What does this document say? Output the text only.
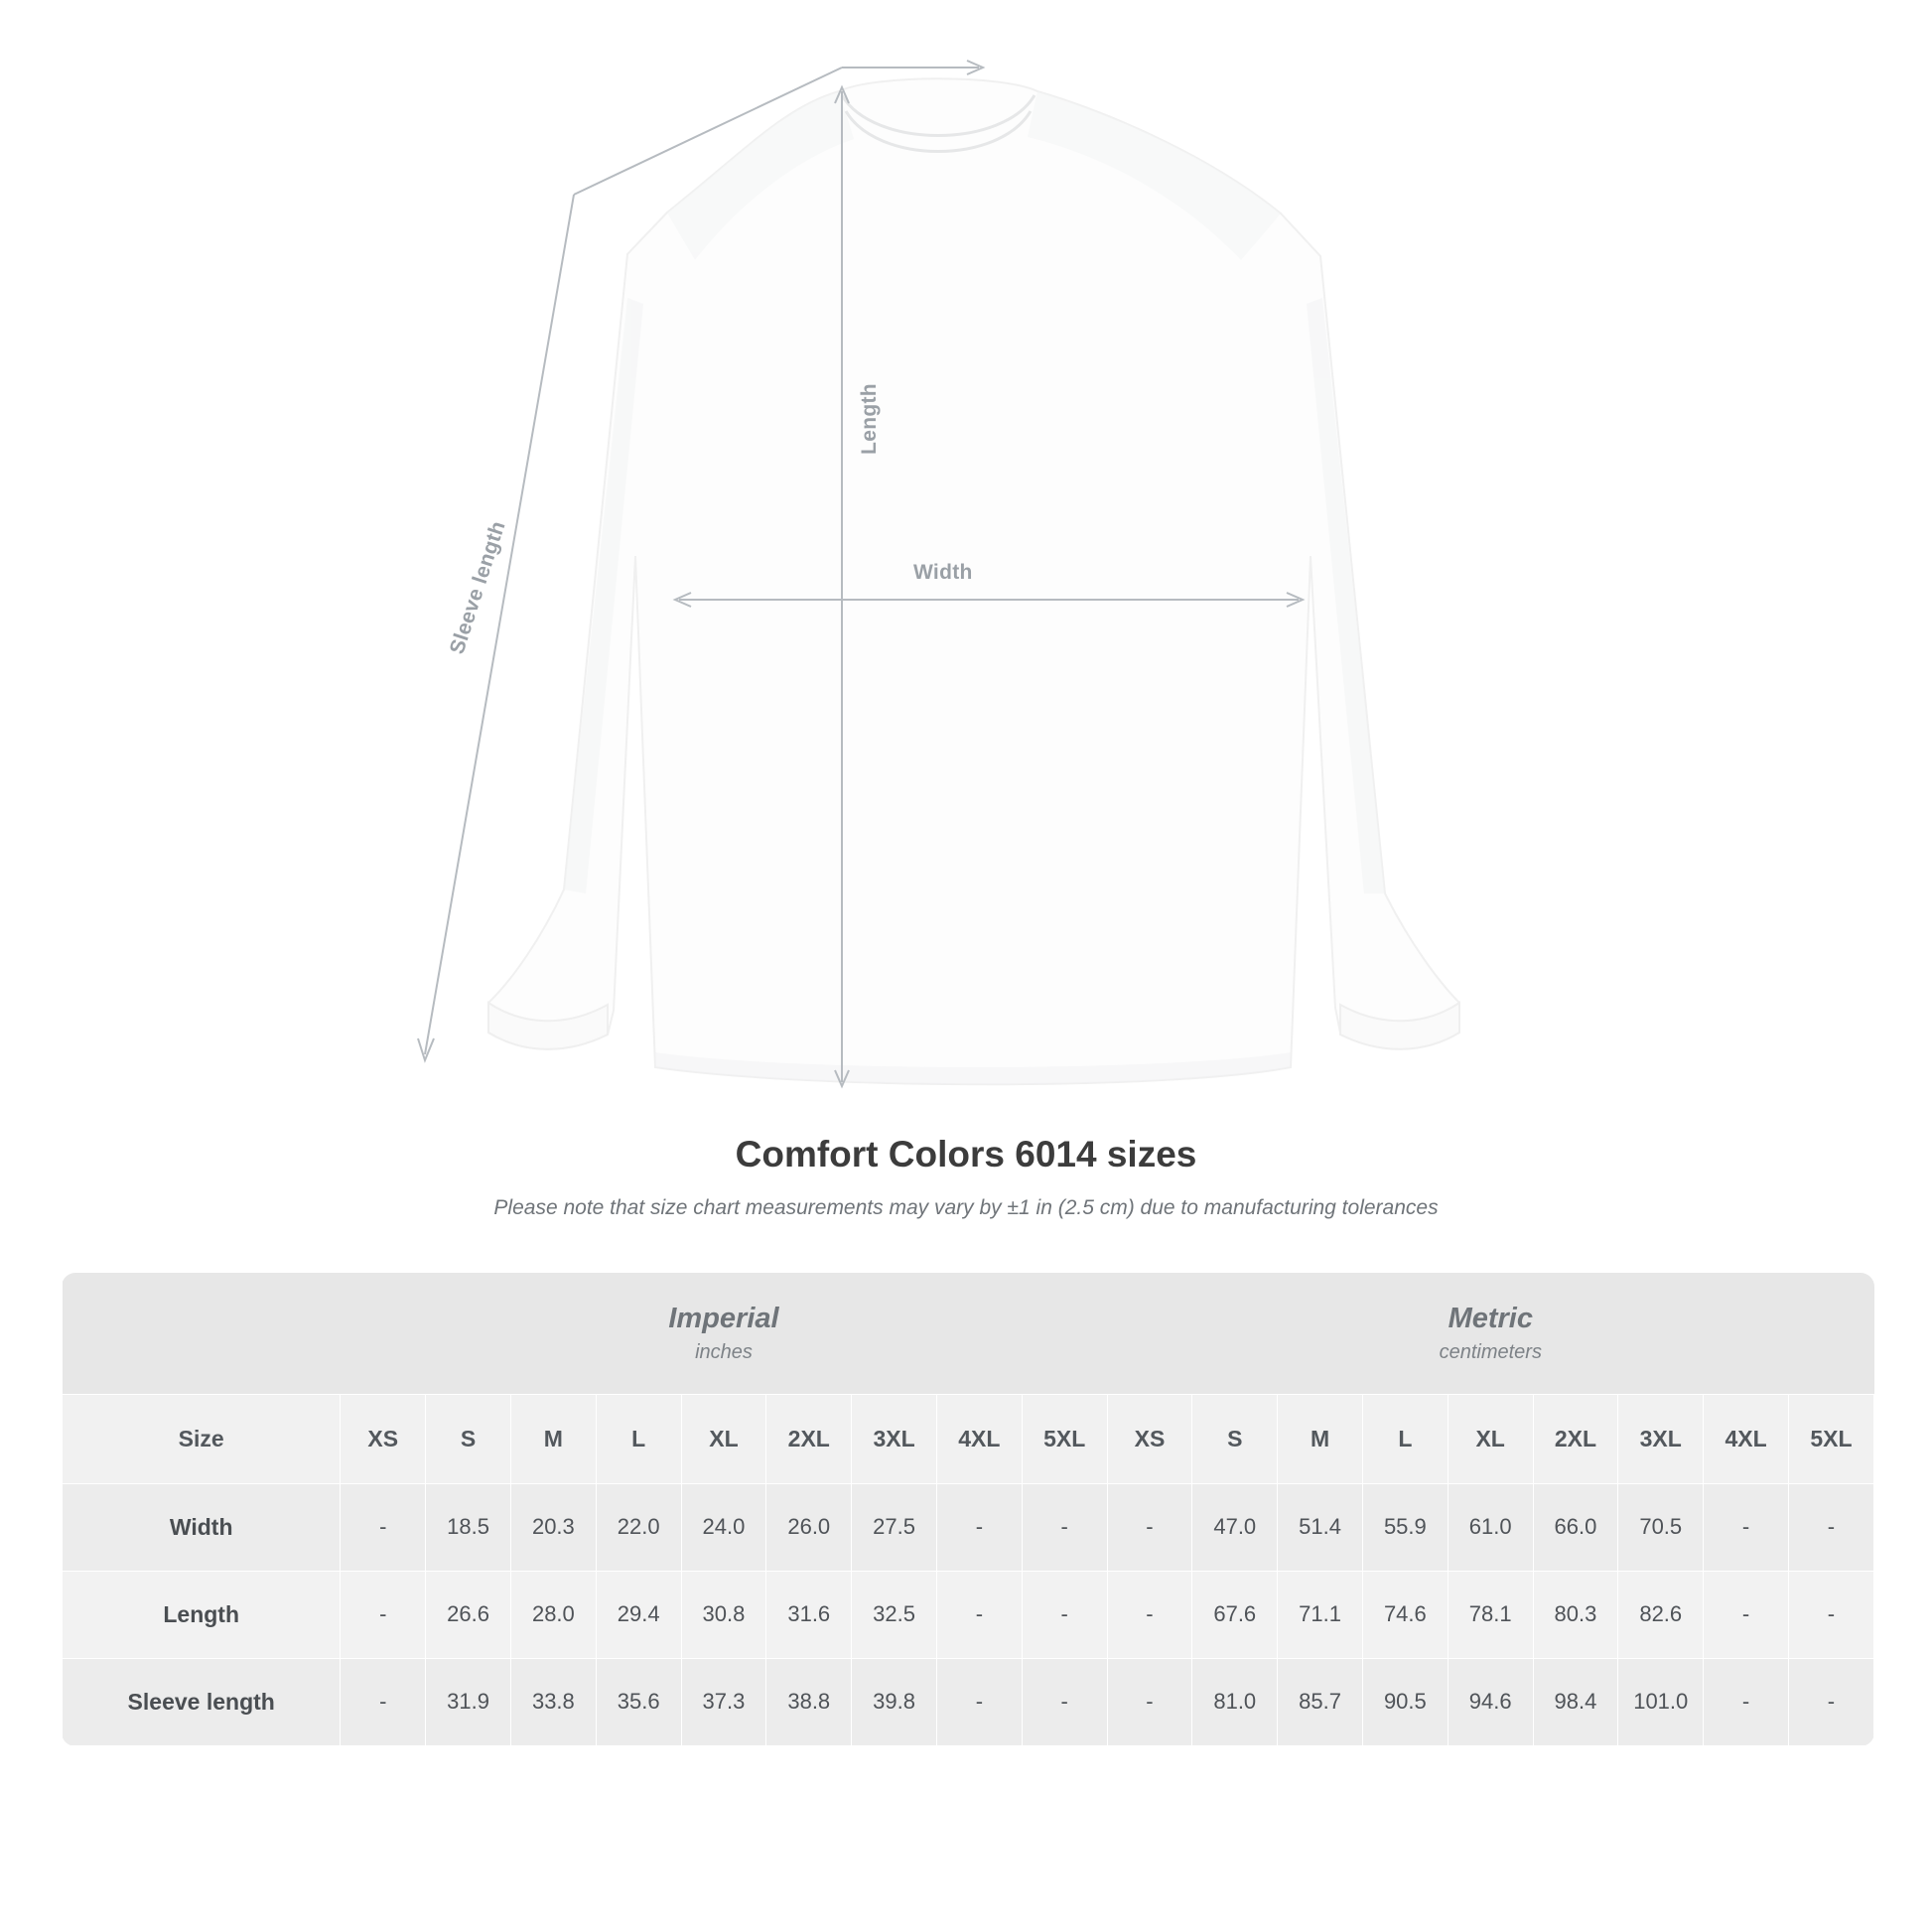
Length
Width
Sleeve length
Comfort Colors 6014 sizes
Please note that size chart measurements may vary by ±1 in (2.5 cm) due to manufacturing tolerances
	Imperial
inches									Metric
centimeters								

Size	XS	S	M	L	XL	2XL	3XL	4XL	5XL	XS	S	M	L	XL	2XL	3XL	4XL	5XL
Width	-	18.5	20.3	22.0	24.0	26.0	27.5	-	-	-	47.0	51.4	55.9	61.0	66.0	70.5	-	-
Length	-	26.6	28.0	29.4	30.8	31.6	32.5	-	-	-	67.6	71.1	74.6	78.1	80.3	82.6	-	-
Sleeve length	-	31.9	33.8	35.6	37.3	38.8	39.8	-	-	-	81.0	85.7	90.5	94.6	98.4	101.0	-	-
